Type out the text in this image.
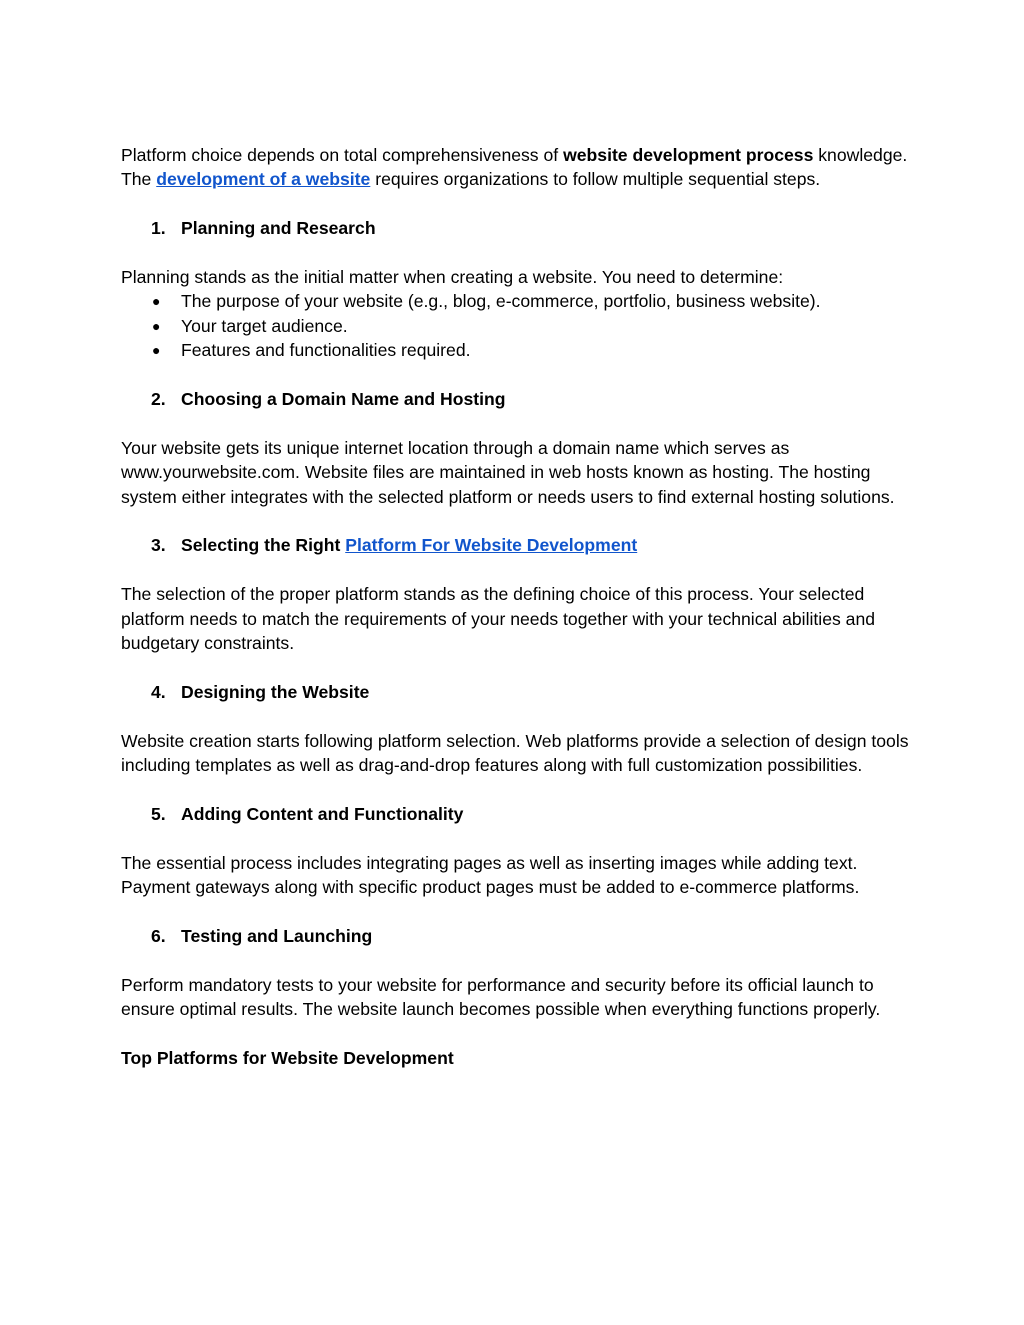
Platform choice depends on total comprehensiveness of website development process knowledge. The development of a website requires organizations to follow multiple sequential steps.

1. Planning and Research

Planning stands as the initial matter when creating a website. You need to determine:

● The purpose of your website (e.g., blog, e-commerce, portfolio, business website).
● Your target audience.
● Features and functionalities required.

2. Choosing a Domain Name and Hosting

Your website gets its unique internet location through a domain name which serves as www.yourwebsite.com. Website files are maintained in web hosts known as hosting. The hosting system either integrates with the selected platform or needs users to find external hosting solutions.

3. Selecting the Right Platform For Website Development

The selection of the proper platform stands as the defining choice of this process. Your selected platform needs to match the requirements of your needs together with your technical abilities and budgetary constraints.

4. Designing the Website

Website creation starts following platform selection. Web platforms provide a selection of design tools including templates as well as drag-and-drop features along with full customization possibilities.

5. Adding Content and Functionality

The essential process includes integrating pages as well as inserting images while adding text. Payment gateways along with specific product pages must be added to e-commerce platforms.

6. Testing and Launching

Perform mandatory tests to your website for performance and security before its official launch to ensure optimal results. The website launch becomes possible when everything functions properly.

Top Platforms for Website Development
